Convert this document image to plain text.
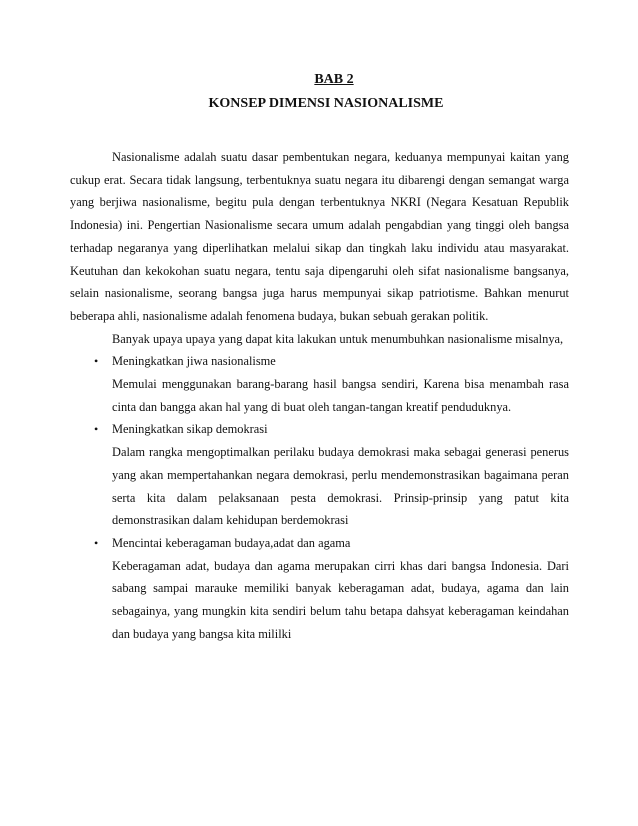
BAB 2
KONSEP DIMENSI NASIONALISME

Nasionalisme adalah suatu dasar pembentukan negara, keduanya mempunyai kaitan yang cukup erat. Secara tidak langsung, terbentuknya suatu negara itu dibarengi dengan semangat warga yang berjiwa nasionalisme, begitu pula dengan terbentuknya NKRI (Negara Kesatuan Republik Indonesia) ini. Pengertian Nasionalisme secara umum adalah pengabdian yang tinggi oleh bangsa terhadap negaranya yang diperlihatkan melalui sikap dan tingkah laku individu atau masyarakat. Keutuhan dan kekokohan suatu negara, tentu saja dipengaruhi oleh sifat nasionalisme bangsanya, selain nasionalisme, seorang bangsa juga harus mempunyai sikap patriotisme. Bahkan menurut beberapa ahli, nasionalisme adalah fenomena budaya, bukan sebuah gerakan politik.

Banyak upaya upaya yang dapat kita lakukan untuk menumbuhkan nasionalisme misalnya,

• Meningkatkan jiwa nasionalisme
Memulai menggunakan barang-barang hasil bangsa sendiri, Karena bisa menambah rasa cinta dan bangga akan hal yang di buat oleh tangan-tangan kreatif penduduknya.
• Meningkatkan sikap demokrasi
Dalam rangka mengoptimalkan perilaku budaya demokrasi maka sebagai generasi penerus yang akan mempertahankan negara demokrasi, perlu mendemonstrasikan bagaimana peran serta kita dalam pelaksanaan pesta demokrasi. Prinsip-prinsip yang patut kita demonstrasikan dalam kehidupan berdemokrasi
• Mencintai keberagaman budaya,adat dan agama
Keberagaman adat, budaya dan agama merupakan cirri khas dari bangsa Indonesia. Dari sabang sampai marauke memiliki banyak keberagaman adat, budaya, agama dan lain sebagainya, yang mungkin kita sendiri belum tahu betapa dahsyat keberagaman keindahan dan budaya yang bangsa kita mililki
